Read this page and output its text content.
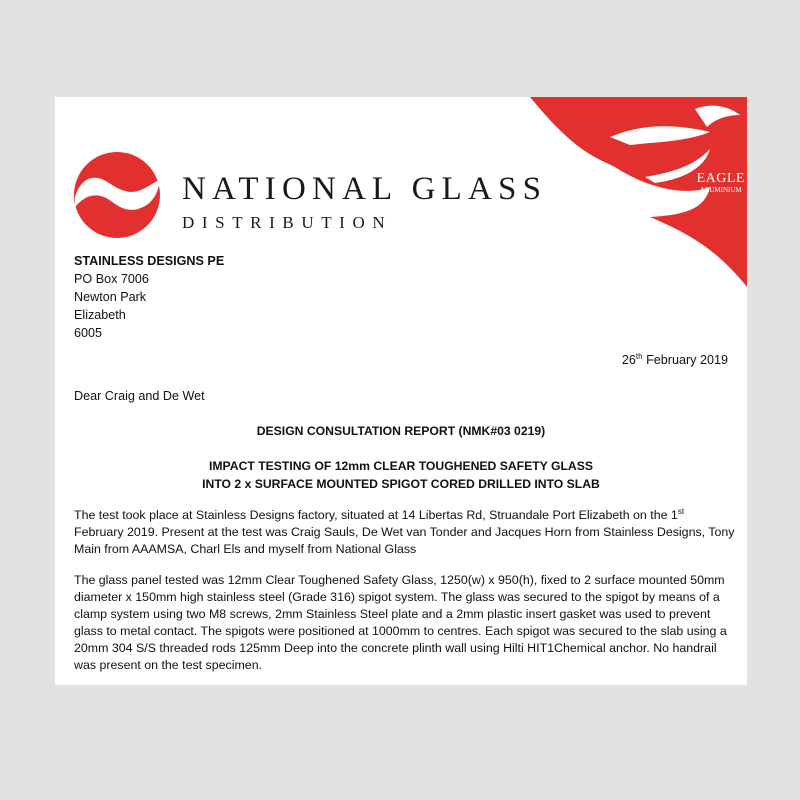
EAGLE
ALUMINIUM
NATIONAL GLASS
DISTRIBUTION
STAINLESS DESIGNS PE
PO Box 7006
Newton Park
Elizabeth
6005
26th February 2019
Dear Craig and De Wet
DESIGN CONSULTATION REPORT (NMK#03 0219)
IMPACT TESTING OF 12mm CLEAR TOUGHENED SAFETY GLASS
INTO 2 x SURFACE MOUNTED SPIGOT CORED DRILLED INTO SLAB
The test took place at Stainless Designs factory, situated at 14 Libertas Rd, Struandale Port Elizabeth on the 1st
February 2019. Present at the test was Craig Sauls, De Wet van Tonder and Jacques Horn from Stainless Designs, Tony
Main from AAAMSA, Charl Els and myself from National Glass
The glass panel tested was 12mm Clear Toughened Safety Glass, 1250(w) x 950(h), fixed to 2 surface mounted 50mm
diameter x 150mm high stainless steel (Grade 316) spigot system. The glass was secured to the spigot by means of a
clamp system using two M8 screws, 2mm Stainless Steel plate and a 2mm plastic insert gasket was used to prevent
glass to metal contact. The spigots were positioned at 1000mm to centres. Each spigot was secured to the slab using a
20mm 304 S/S threaded rods 125mm Deep into the concrete plinth wall using Hilti HIT1Chemical anchor. No handrail
was present on the test specimen.
